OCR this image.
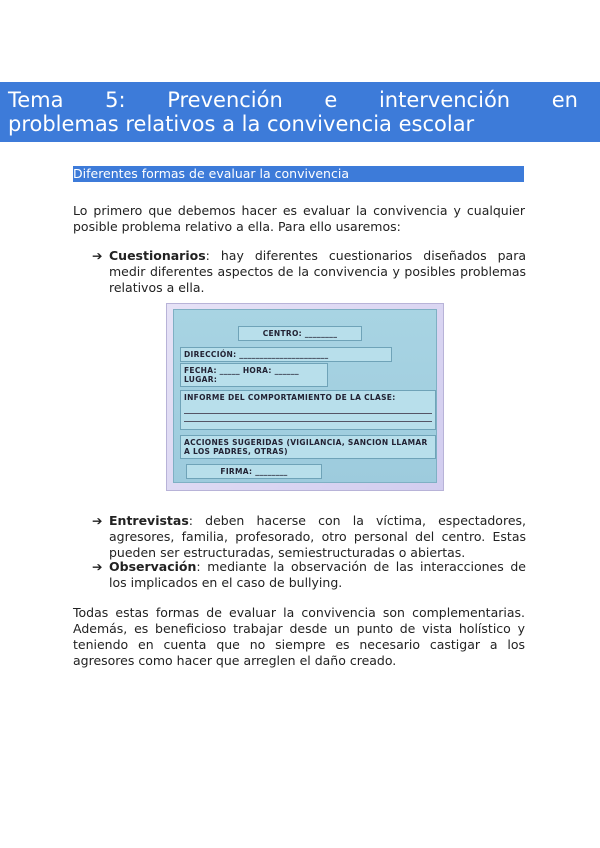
Tema 5: Prevención e intervención en
problemas relativos a la convivencia escolar
Diferentes formas de evaluar la convivencia
Lo primero que debemos hacer es evaluar la convivencia y cualquier posible problema relativo a ella. Para ello usaremos:
➔ Cuestionarios: hay diferentes cuestionarios diseñados para medir diferentes aspectos de la convivencia y posibles problemas relativos a ella.
CENTRO: ________
DIRECCIÓN: ______________________
FECHA: _____ HORA: ______
LUGAR:
INFORME DEL COMPORTAMIENTO DE LA CLASE:
ACCIONES SUGERIDAS (VIGILANCIA, SANCION LLAMAR A LOS PADRES, OTRAS)
FIRMA: ________
➔ Entrevistas: deben hacerse con la víctima, espectadores, agresores, familia, profesorado, otro personal del centro. Estas pueden ser estructuradas, semiestructuradas o abiertas.
➔ Observación: mediante la observación de las interacciones de los implicados en el caso de bullying.
Todas estas formas de evaluar la convivencia son complementarias. Además, es beneficioso trabajar desde un punto de vista holístico y teniendo en cuenta que no siempre es necesario castigar a los agresores como hacer que arreglen el daño creado.
